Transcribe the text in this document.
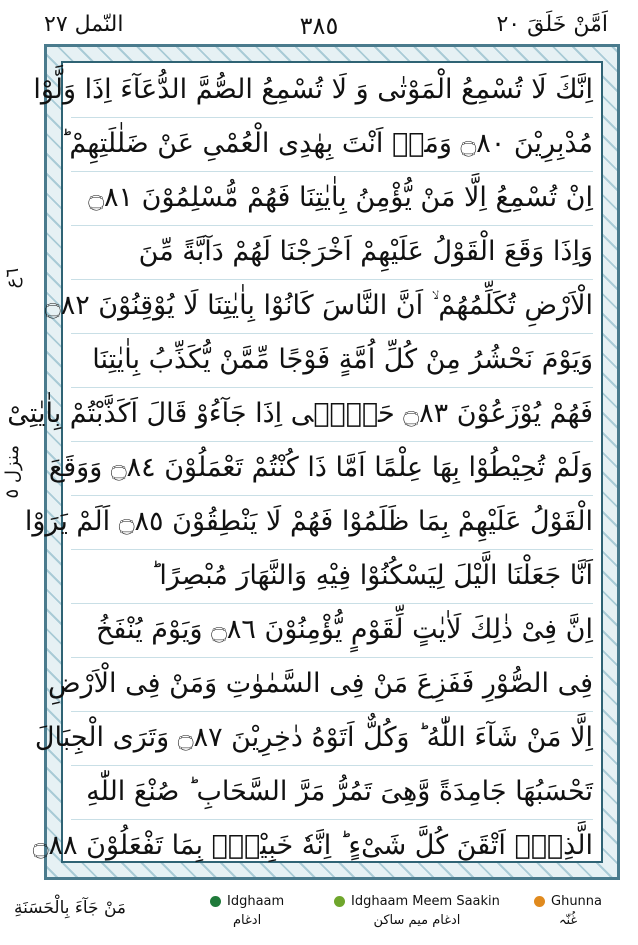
اَمَّنْ خَلَقَ ٢٠
٣٨٥
النّمل ٢٧
٦ع
منزل ٥
اِنَّكَ لَا تُسْمِعُ الْمَوْتٰى وَ لَا تُسْمِعُ الصُّمَّ الدُّعَآءَ اِذَا وَلَّوْا
مُدْبِرِيْنَ ۝٨٠ وَمَاۤ اَنْتَ بِهٰدِى الْعُمْىِ عَنْ ضَلٰلَتِهِمْ ؕ
اِنْ تُسْمِعُ اِلَّا مَنْ يُّؤْمِنُ بِاٰيٰتِنَا فَهُمْ مُّسْلِمُوْنَ ۝٨١
وَاِذَا وَقَعَ الْقَوْلُ عَلَيْهِمْ اَخْرَجْنَا لَهُمْ دَآبَّةً مِّنَ
الْاَرْضِ تُكَلِّمُهُمْ ۙ اَنَّ النَّاسَ كَانُوْا بِاٰيٰتِنَا لَا يُوْقِنُوْنَ ۝٨٢
وَيَوْمَ نَحْشُرُ مِنْ كُلِّ اُمَّةٍ فَوْجًا مِّمَّنْ يُّكَذِّبُ بِاٰيٰتِنَا
فَهُمْ يُوْزَعُوْنَ ۝٨٣ حَتّٰۤى اِذَا جَآءُوْ قَالَ اَكَذَّبْتُمْ بِاٰيٰتِىْ
وَلَمْ تُحِيْطُوْا بِهَا عِلْمًا اَمَّا ذَا كُنْتُمْ تَعْمَلُوْنَ ۝٨٤ وَوَقَعَ
الْقَوْلُ عَلَيْهِمْ بِمَا ظَلَمُوْا فَهُمْ لَا يَنْطِقُوْنَ ۝٨٥ اَلَمْ يَرَوْا
اَنَّا جَعَلْنَا الَّيْلَ لِيَسْكُنُوْا فِيْهِ وَالنَّهَارَ مُبْصِرًا ؕ
اِنَّ فِىْ ذٰلِكَ لَاٰيٰتٍ لِّقَوْمٍ يُّؤْمِنُوْنَ ۝٨٦ وَيَوْمَ يُنْفَخُ
فِى الصُّوْرِ فَفَزِعَ مَنْ فِى السَّمٰوٰتِ وَمَنْ فِى الْاَرْضِ
اِلَّا مَنْ شَآءَ اللّٰهُ ؕ وَكُلٌّ اَتَوْهُ دٰخِرِيْنَ ۝٨٧ وَتَرَى الْجِبَالَ
تَحْسَبُهَا جَامِدَةً وَّهِىَ تَمُرُّ مَرَّ السَّحَابِ ؕ صُنْعَ اللّٰهِ
الَّذِىْۤ اَتْقَنَ كُلَّ شَىْءٍ ؕ اِنَّهٗ خَبِيْرٌۢ بِمَا تَفْعَلُوْنَ ۝٨٨
مَنْ جَآءَ بِالْحَسَنَةِ	Idghaam
ادغام
Idghaam Meem Saakin
ادغام میم ساکن
Ghunna
غُنّہ
